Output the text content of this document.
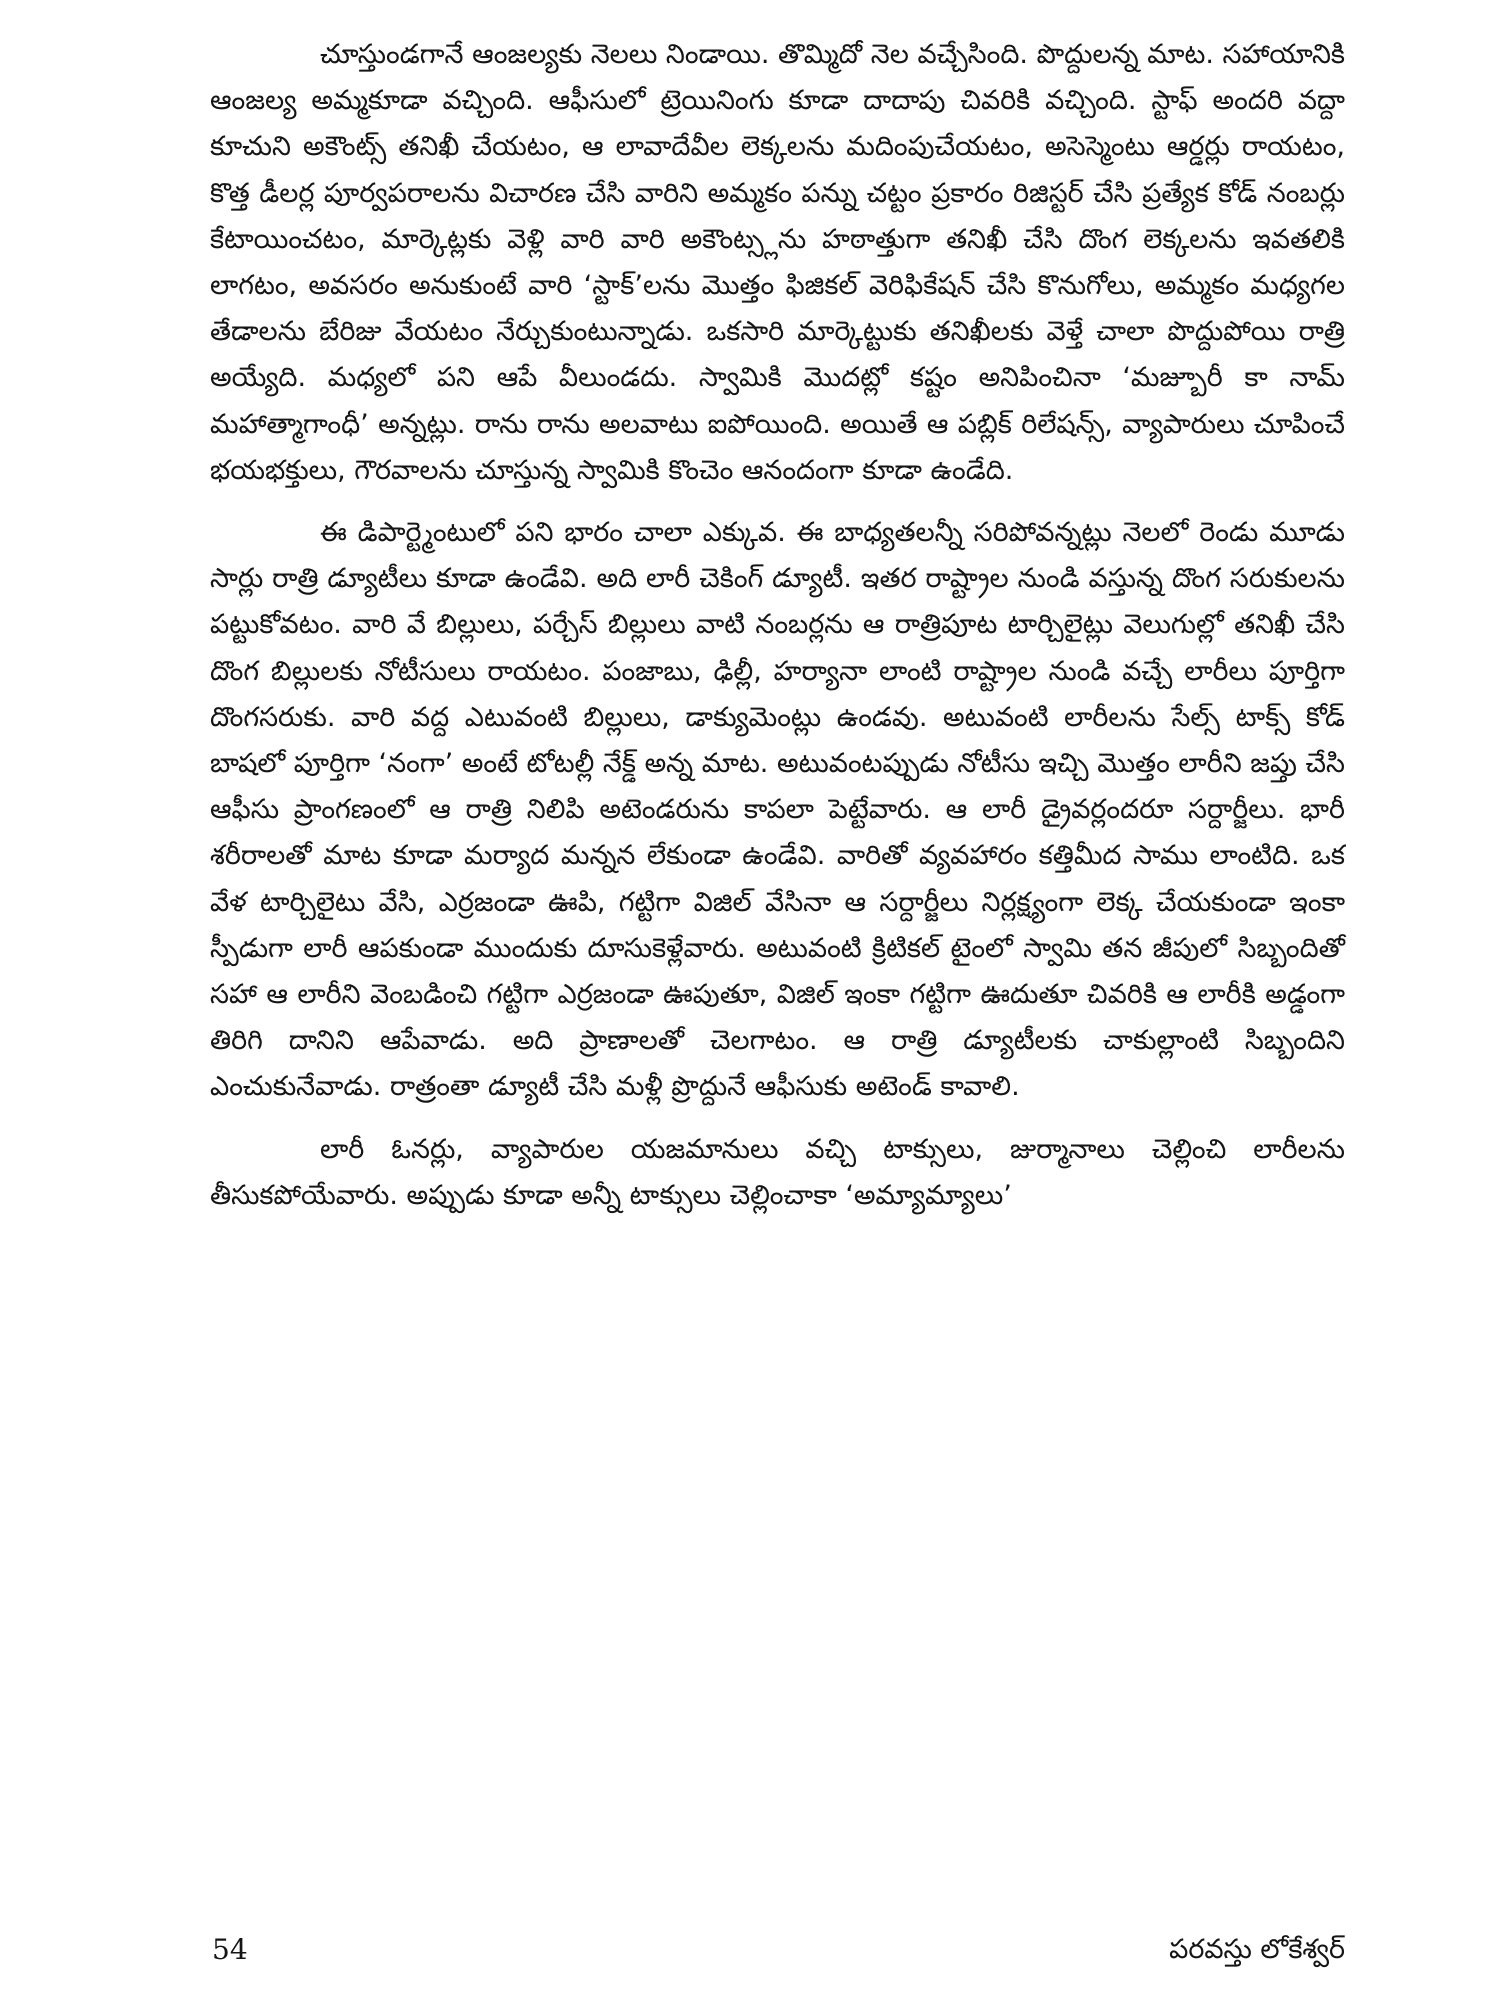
చూస్తుండగానే ఆంజల్యకు నెలలు నిండాయి. తొమ్మిదో నెల వచ్చేసింది. పొద్దులన్న మాట. సహాయానికి ఆంజల్య అమ్మకూడా వచ్చింది. ఆఫీసులో ట్రెయినింగు కూడా దాదాపు చివరికి వచ్చింది. స్టాఫ్ అందరి వద్దా కూచుని అకౌంట్స్ తనిఖీ చేయటం, ఆ లావాదేవీల లెక్కలను మదింపుచేయటం, అసెస్మెంటు ఆర్డర్లు రాయటం, కొత్త డీలర్ల పూర్వపరాలను విచారణ చేసి వారిని అమ్మకం పన్ను చట్టం ప్రకారం రిజిస్టర్ చేసి ప్రత్యేక కోడ్ నంబర్లు కేటాయించటం, మార్కెట్లకు వెళ్లి వారి వారి అకౌంట్స్లను హఠాత్తుగా తనిఖీ చేసి దొంగ లెక్కలను ఇవతలికి లాగటం, అవసరం అనుకుంటే వారి ‘స్టాక్’లను మొత్తం ఫిజికల్ వెరిఫికేషన్ చేసి కొనుగోలు, అమ్మకం మధ్యగల తేడాలను బేరిజు వేయటం నేర్చుకుంటున్నాడు. ఒకసారి మార్కెట్టుకు తనిఖీలకు వెళ్తే చాలా పొద్దుపోయి రాత్రి అయ్యేది. మధ్యలో పని ఆపే వీలుండదు. స్వామికి మొదట్లో కష్టం అనిపించినా ‘మజ్బూరీ కా నామ్ మహాత్మాగాంధీ’ అన్నట్లు. రాను రాను అలవాటు ఐపోయింది. అయితే ఆ పబ్లిక్ రిలేషన్స్, వ్యాపారులు చూపించే భయభక్తులు, గౌరవాలను చూస్తున్న స్వామికి కొంచెం ఆనందంగా కూడా ఉండేది.

ఈ డిపార్ట్మెంటులో పని భారం చాలా ఎక్కువ. ఈ బాధ్యతలన్నీ సరిపోవన్నట్లు నెలలో రెండు మూడు సార్లు రాత్రి డ్యూటీలు కూడా ఉండేవి. అది లారీ చెకింగ్ డ్యూటీ. ఇతర రాష్ట్రాల నుండి వస్తున్న దొంగ సరుకులను పట్టుకోవటం. వారి వే బిల్లులు, పర్చేస్ బిల్లులు వాటి నంబర్లను ఆ రాత్రిపూట టార్చిలైట్లు వెలుగుల్లో తనిఖీ చేసి దొంగ బిల్లులకు నోటీసులు రాయటం. పంజాబు, ఢిల్లీ, హర్యానా లాంటి రాష్ట్రాల నుండి వచ్చే లారీలు పూర్తిగా దొంగసరుకు. వారి వద్ద ఎటువంటి బిల్లులు, డాక్యుమెంట్లు ఉండవు. అటువంటి లారీలను సేల్స్ టాక్స్ కోడ్ బాషలో పూర్తిగా ‘నంగా’ అంటే టోటల్లీ నేక్డ్ అన్న మాట. అటువంటప్పుడు నోటీసు ఇచ్చి మొత్తం లారీని జప్తు చేసి ఆఫీసు ప్రాంగణంలో ఆ రాత్రి నిలిపి అటెండరును కాపలా పెట్టేవారు. ఆ లారీ డ్రైవర్లందరూ సర్దార్జీలు. భారీ శరీరాలతో మాట కూడా మర్యాద మన్నన లేకుండా ఉండేవి. వారితో వ్యవహారం కత్తిమీద సాము లాంటిది. ఒక వేళ టార్చిలైటు వేసి, ఎర్రజండా ఊపి, గట్టిగా విజిల్ వేసినా ఆ సర్దార్జీలు నిర్లక్ష్యంగా లెక్క చేయకుండా ఇంకా స్పీడుగా లారీ ఆపకుండా ముందుకు దూసుకెళ్లేవారు. అటువంటి క్రిటికల్ టైంలో స్వామి తన జీపులో సిబ్బందితో సహా ఆ లారీని వెంబడించి గట్టిగా ఎర్రజండా ఊపుతూ, విజిల్ ఇంకా గట్టిగా ఊదుతూ చివరికి ఆ లారీకి అడ్డంగా తిరిగి దానిని ఆపేవాడు. అది ప్రాణాలతో చెలగాటం. ఆ రాత్రి డ్యూటీలకు చాకుల్లాంటి సిబ్బందిని ఎంచుకునేవాడు. రాత్రంతా డ్యూటీ చేసి మళ్లీ ప్రొద్దునే ఆఫీసుకు అటెండ్ కావాలి.

లారీ ఓనర్లు, వ్యాపారుల యజమానులు వచ్చి టాక్సులు, జుర్మానాలు చెల్లించి లారీలను తీసుకపోయేవారు. అప్పుడు కూడా అన్నీ టాక్సులు చెల్లించాకా ‘అమ్యామ్యాలు’

54	పరవస్తు లోకేశ్వర్
